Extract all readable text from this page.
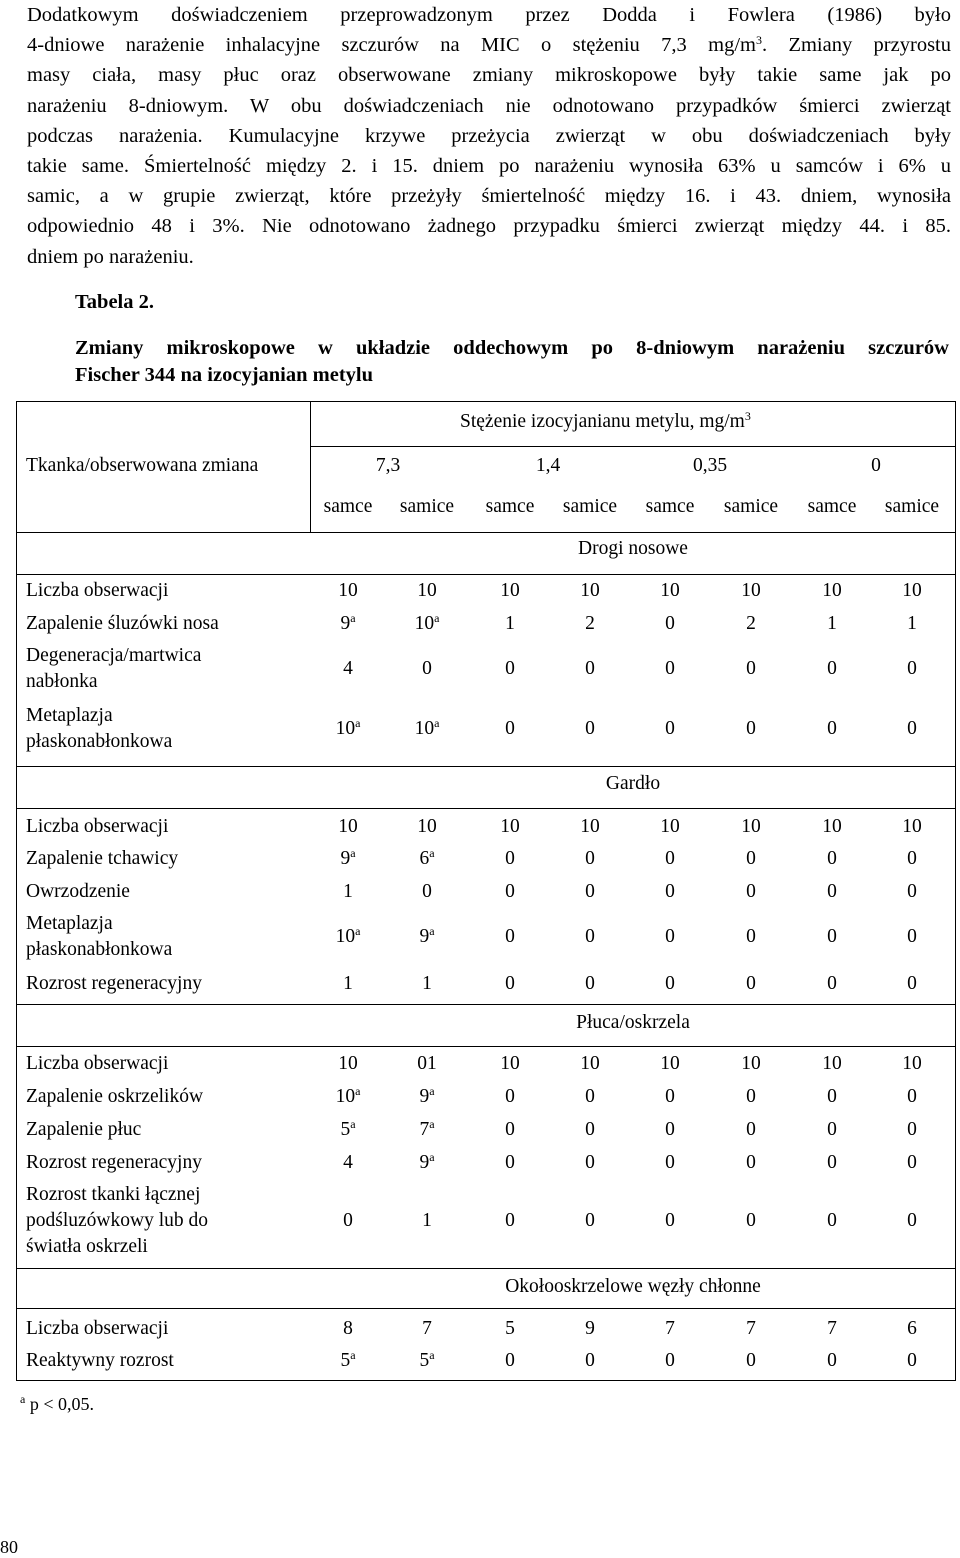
Dodatkowym doświadczeniem przeprowadzonym przez Dodda i Fowlera (1986) było
4-dniowe narażenie inhalacyjne szczurów na MIC o stężeniu 7,3 $mg/m^3$. Zmiany przyrostu
masy ciała, masy płuc oraz obserwowane zmiany mikroskopowe były takie same jak po
narażeniu 8-dniowym. W obu doświadczeniach nie odnotowano przypadków śmierci zwierząt
podczas narażenia. Kumulacyjne krzywe przeżycia zwierząt w obu doświadczeniach były
takie same. Śmiertelność między 2. i 15. dniem po narażeniu wynosiła 63% u samców i 6% u
samic, a w grupie zwierząt, które przeżyły śmiertelność między 16. i 43. dniem, wynosiła
odpowiednio 48 i 3%. Nie odnotowano żadnego przypadku śmierci zwierząt między 44. i 85.
dniem po narażeniu.
Tabela 2.
Zmiany mikroskopowe w układzie oddechowym po 8-dniowym narażeniu szczurów
Fischer 344 na izocyjanian metylu
Stężenie izocyjanianu metylu, $mg/m^3$
Tkanka/obserwowana zmiana	7,3	1,4	0,35	0
samce	samice	samce	samice	samce	samice	samce	samice
Drogi nosowe
Liczba obserwacji	10	10	10	10	10	10	10	10
Zapalenie śluzówki nosa	9$^a$	10$^a$	1	2	0	2	1	1
Degeneracja/martwica
nabłonka
4	0	0	0	0	0	0	0
Metaplazja
płaskonabłonkowa
10$^a$	10$^a$	0	0	0	0	0	0
Gardło
Liczba obserwacji	10	10	10	10	10	10	10	10
Zapalenie tchawicy	9$^a$	6$^a$	0	0	0	0	0	0
Owrzodzenie	1	0	0	0	0	0	0	0
Metaplazja
płaskonabłonkowa
10$^a$	9$^a$	0	0	0	0	0	0
Rozrost regeneracyjny	1	1	0	0	0	0	0	0
Płuca/oskrzela
Liczba obserwacji	10	01	10	10	10	10	10	10
Zapalenie oskrzelików	10$^a$	9$^a$	0	0	0	0	0	0
Zapalenie płuc	5$^a$	7$^a$	0	0	0	0	0	0
Rozrost regeneracyjny	4	9$^a$	0	0	0	0	0	0
Rozrost tkanki łącznej
podśluzówkowy lub do
światła oskrzeli
0	1	0	0	0	0	0	0
Okołooskrzelowe węzły chłonne
Liczba obserwacji	8	7	5	9	7	7	7	6
Reaktywny rozrost	5$^a$	5$^a$	0	0	0	0	0	0
$^a$ p < 0,05.
80
